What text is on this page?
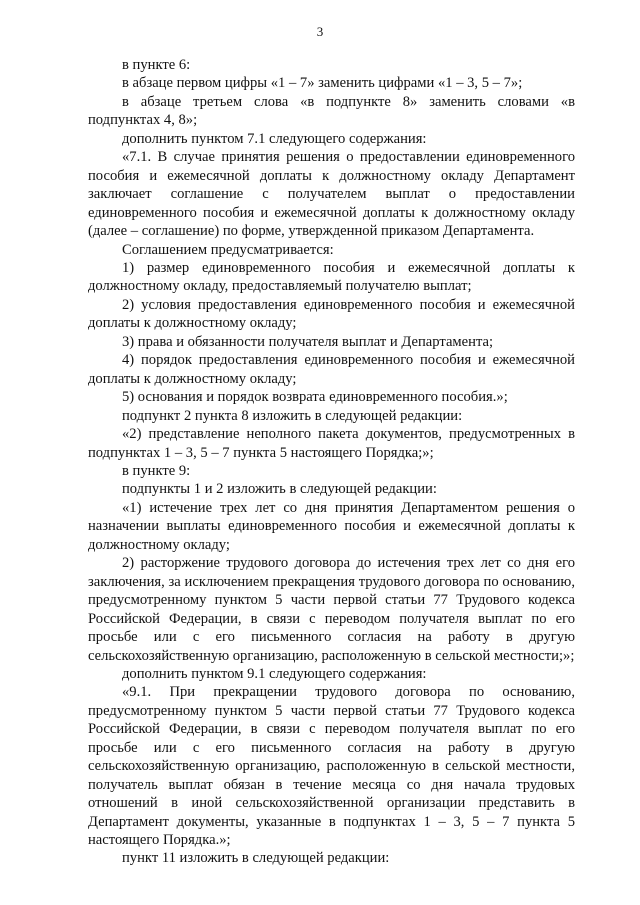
3

в пункте 6:

в абзаце первом цифры «1 – 7» заменить цифрами «1 – 3, 5 – 7»;

в абзаце третьем слова «в подпункте 8» заменить словами «в подпунктах 4, 8»;

дополнить пунктом 7.1 следующего содержания:

«7.1. В случае принятия решения о предоставлении единовременного пособия и ежемесячной доплаты к должностному окладу Департамент заключает соглашение с получателем выплат о предоставлении единовременного пособия и ежемесячной доплаты к должностному окладу (далее – соглашение) по форме, утвержденной приказом Департамента.

Соглашением предусматривается:

1) размер единовременного пособия и ежемесячной доплаты к должностному окладу, предоставляемый получателю выплат;

2) условия предоставления единовременного пособия и ежемесячной доплаты к должностному окладу;

3) права и обязанности получателя выплат и Департамента;

4) порядок предоставления единовременного пособия и ежемесячной доплаты к должностному окладу;

5) основания и порядок возврата единовременного пособия.»;

подпункт 2 пункта 8 изложить в следующей редакции:

«2) представление неполного пакета документов, предусмотренных в подпунктах 1 – 3, 5 – 7 пункта 5 настоящего Порядка;»;

в пункте 9:

подпункты 1 и 2 изложить в следующей редакции:

«1) истечение трех лет со дня принятия Департаментом решения о назначении выплаты единовременного пособия и ежемесячной доплаты к должностному окладу;

2) расторжение трудового договора до истечения трех лет со дня его заключения, за исключением прекращения трудового договора по основанию, предусмотренному пунктом 5 части первой статьи 77 Трудового кодекса Российской Федерации, в связи с переводом получателя выплат по его просьбе или с его письменного согласия на работу в другую сельскохозяйственную организацию, расположенную в сельской местности;»;

дополнить пунктом 9.1 следующего содержания:

«9.1. При прекращении трудового договора по основанию, предусмотренному пунктом 5 части первой статьи 77 Трудового кодекса Российской Федерации, в связи с переводом получателя выплат по его просьбе или с его письменного согласия на работу в другую сельскохозяйственную организацию, расположенную в сельской местности, получатель выплат обязан в течение месяца со дня начала трудовых отношений в иной сельскохозяйственной организации представить в Департамент документы, указанные в подпунктах 1 – 3, 5 – 7 пункта 5 настоящего Порядка.»;

пункт 11 изложить в следующей редакции:
